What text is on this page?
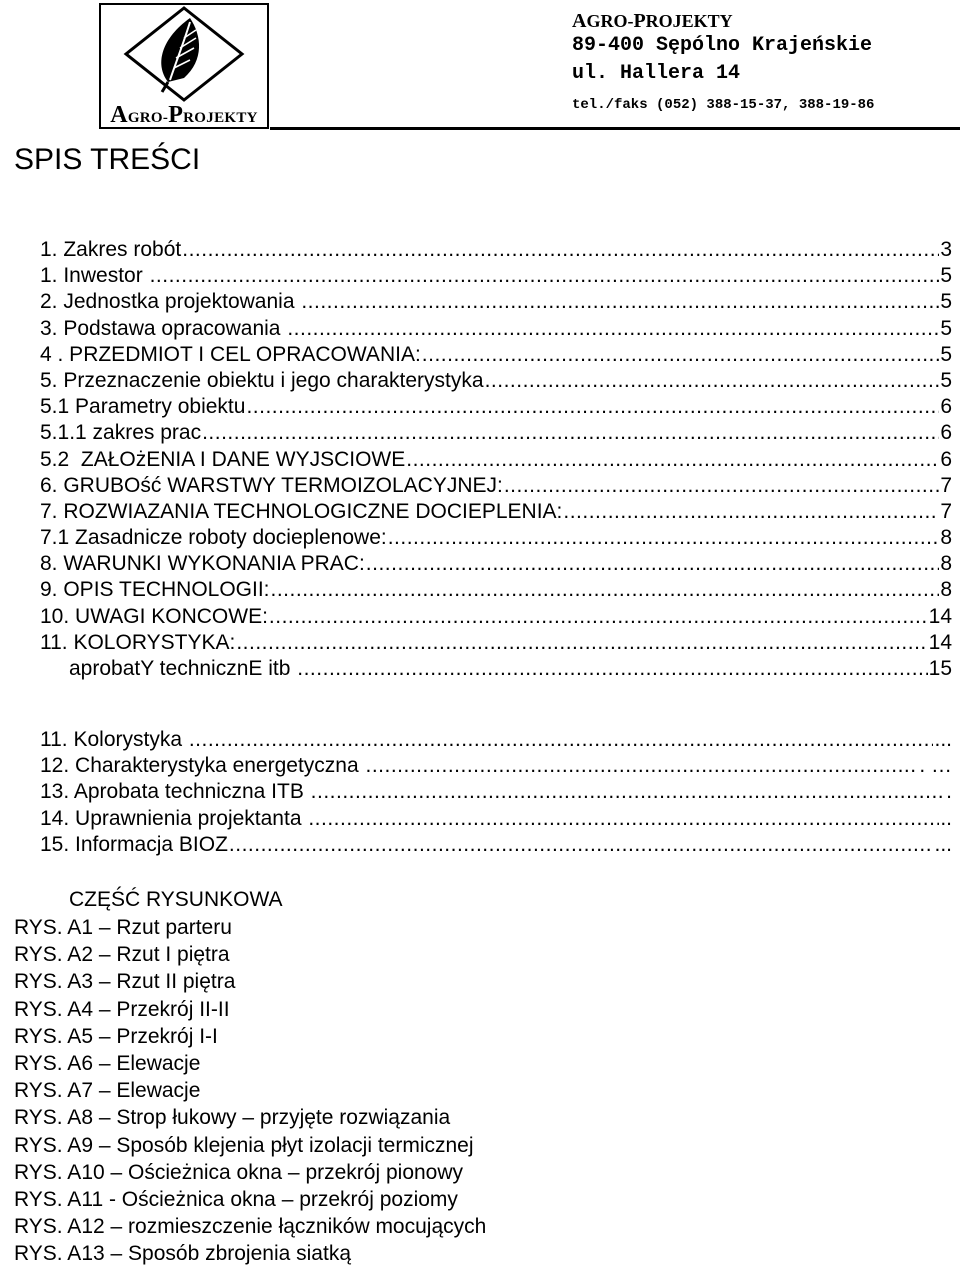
AGRO-PROJEKTY
AGRO-PROJEKTY
89-400 Sępólno Krajeńskie
ul. Hallera 14
tel./faks (052) 388-15-37, 388-19-86
SPIS TREŚCI
1. Zakres robót .....	3
1. Inwestor .....	5
2. Jednostka projektowania .....	5
3. Podstawa opracowania .....	5
4 . PRZEDMIOT I CEL OPRACOWANIA: .....	5
5. Przeznaczenie obiektu i jego charakterystyka .....	5
5.1 Parametry obiektu .....	6
5.1.1 zakres prac .....	6
5.2  ZAŁOżENIA I DANE WYJSCIOWE .....	6
6. GRUBOść WARSTWY TERMOIZOLACYJNEJ: .....	7
7. ROZWIAZANIA TECHNOLOGICZNE DOCIEPLENIA: .....	7
7.1 Zasadnicze roboty docieplenowe: .....	8
8. WARUNKI WYKONANIA PRAC: .....	8
9. OPIS TECHNOLOGII: .....	8
10. UWAGI KONCOWE: .....	14
11. KOLORYSTYKA: .....	14
aprobatY technicznE itb .....	15
11. Kolorystyka .....	...
12. Charakterystyka energetyczna .....	. …
13. Aprobata techniczna ITB .....	.
14. Uprawnienia projektanta .....	..
15. Informacja BIOZ .....	...
CZĘŚĆ RYSUNKOWA
RYS. A1 – Rzut parteru
RYS. A2 – Rzut I piętra
RYS. A3 – Rzut II piętra
RYS. A4 – Przekrój II-II
RYS. A5 – Przekrój I-I
RYS. A6 – Elewacje
RYS. A7 – Elewacje
RYS. A8 – Strop łukowy – przyjęte rozwiązania
RYS. A9 – Sposób klejenia płyt izolacji termicznej
RYS. A10 – Ościeżnica okna – przekrój pionowy
RYS. A11 - Ościeżnica okna – przekrój poziomy
RYS. A12 – rozmieszczenie łączników mocujących
RYS. A13 – Sposób zbrojenia siatką
